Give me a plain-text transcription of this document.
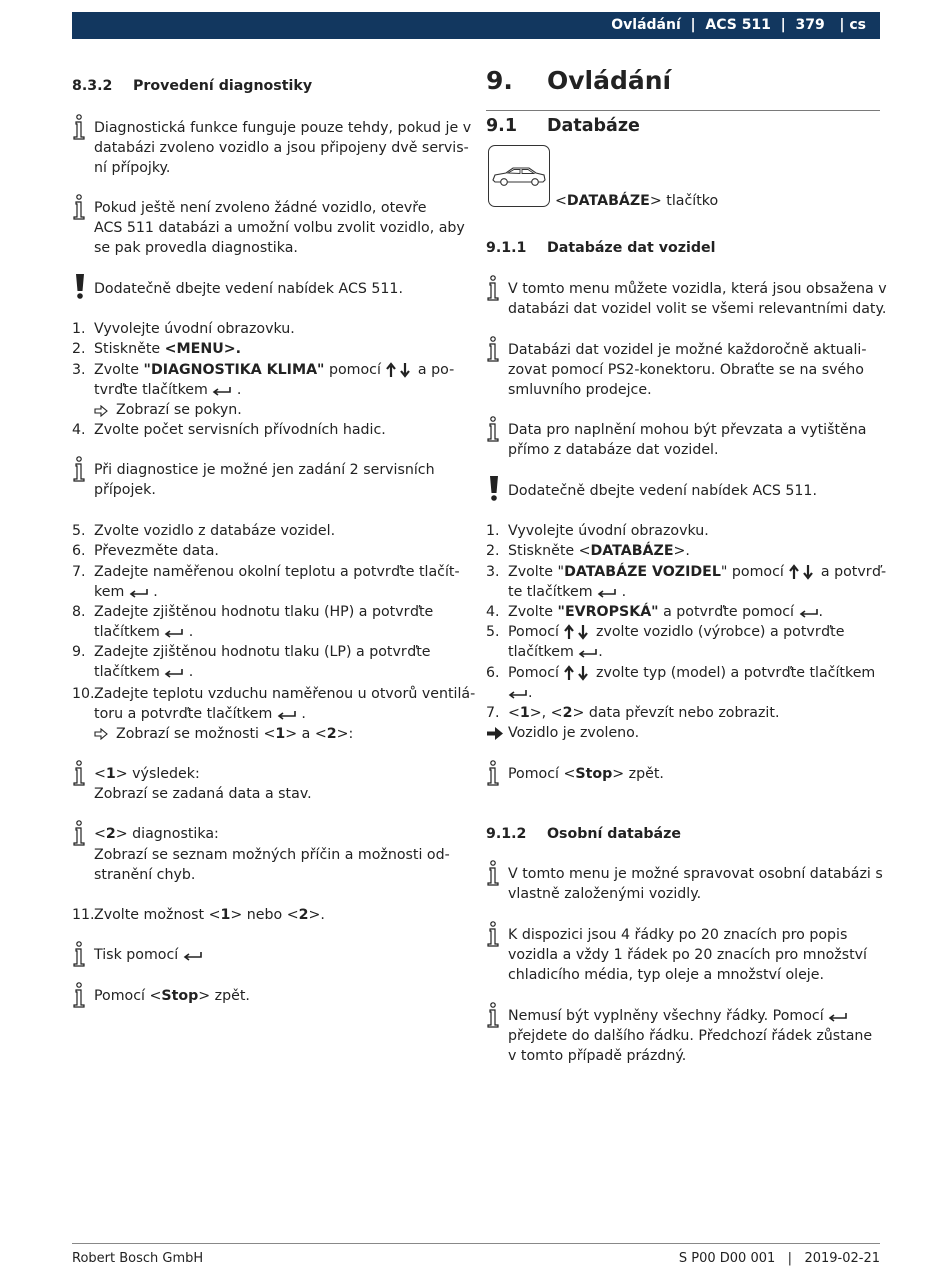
Ovládání  |  ACS 511  |  379   | cs
8.3.2 Provedení diagnostiky
Diagnostická funkce funguje pouze tehdy, pokud je v
databázi zvoleno vozidlo a jsou připojeny dvě servis-
ní přípojky.
Pokud ještě není zvoleno žádné vozidlo, otevře
ACS 511 databázi a umožní volbu zvolit vozidlo, aby
se pak provedla diagnostika.
Dodatečně dbejte vedení nabídek ACS 511.
1. Vyvolejte úvodní obrazovku.
2. Stiskněte <MENU>.
3. Zvolte "DIAGNOSTIKA KLIMA" pomocí  a po-
tvrďte tlačítkem  .
Zobrazí se pokyn.
4. Zvolte počet servisních přívodních hadic.
Při diagnostice je možné jen zadání 2 servisních
přípojek.
5. Zvolte vozidlo z databáze vozidel.
6. Převezměte data.
7. Zadejte naměřenou okolní teplotu a potvrďte tlačít-
kem  .
8. Zadejte zjištěnou hodnotu tlaku (HP) a potvrďte
tlačítkem  .
9. Zadejte zjištěnou hodnotu tlaku (LP) a potvrďte
tlačítkem  .
10. Zadejte teplotu vzduchu naměřenou u otvorů ventilá-
toru a potvrďte tlačítkem  .
Zobrazí se možnosti <1> a <2>:
<1> výsledek:
Zobrazí se zadaná data a stav.
<2> diagnostika:
Zobrazí se seznam možných příčin a možnosti od-
stranění chyb.
11. Zvolte možnost <1> nebo <2>.
Tisk pomocí
Pomocí <Stop> zpět.
9. Ovládání
9.1 Databáze
<DATABÁZE> tlačítko
9.1.1 Databáze dat vozidel
V tomto menu můžete vozidla, která jsou obsažena v
databázi dat vozidel volit se všemi relevantními daty.
Databázi dat vozidel je možné každoročně aktuali-
zovat pomocí PS2-konektoru. Obraťte se na svého
smluvního prodejce.
Data pro naplnění mohou být převzata a vytištěna
přímo z databáze dat vozidel.
Dodatečně dbejte vedení nabídek ACS 511.
1. Vyvolejte úvodní obrazovku.
2. Stiskněte <DATABÁZE>.
3. Zvolte "DATABÁZE VOZIDEL" pomocí  a potvrď-
te tlačítkem  .
4. Zvolte "EVROPSKÁ" a potvrďte pomocí .
5. Pomocí  zvolte vozidlo (výrobce) a potvrďte
tlačítkem .
6. Pomocí  zvolte typ (model) a potvrďte tlačítkem
.
7. <1>, <2> data převzít nebo zobrazit.
Vozidlo je zvoleno.
Pomocí <Stop> zpět.
9.1.2 Osobní databáze
V tomto menu je možné spravovat osobní databázi s
vlastně založenými vozidly.
K dispozici jsou 4 řádky po 20 znacích pro popis
vozidla a vždy 1 řádek po 20 znacích pro množství
chladicího média, typ oleje a množství oleje.
Nemusí být vyplněny všechny řádky. Pomocí
přejdete do dalšího řádku. Předchozí řádek zůstane
v tomto případě prázdný.
Robert Bosch GmbH	S P00 D00 001   |   2019-02-21
